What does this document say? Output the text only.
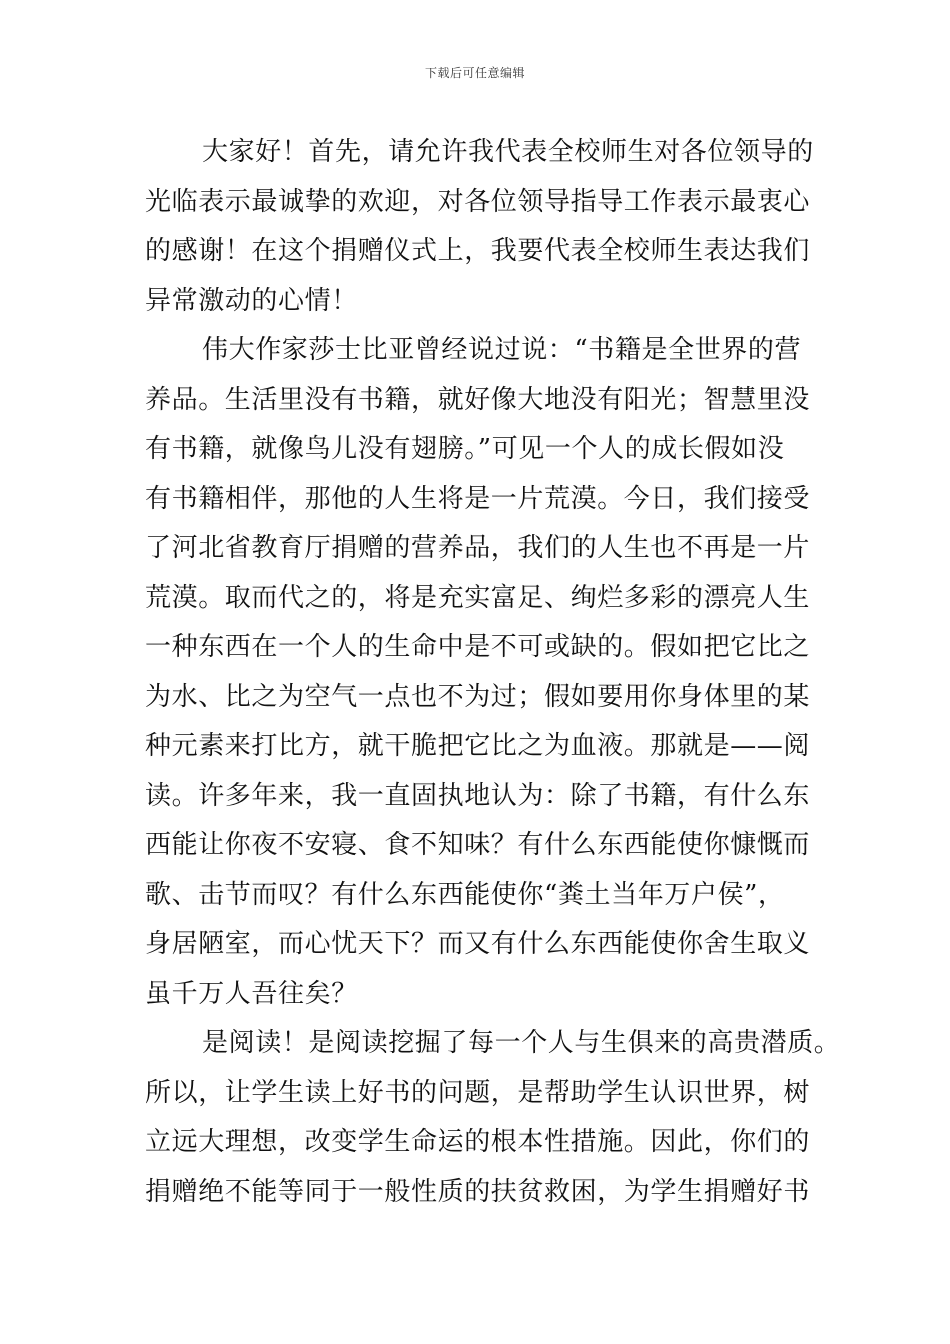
下载后可任意编辑
大家好！首先，请允许我代表全校师生对各位领导的
光临表示最诚挚的欢迎，对各位领导指导工作表示最衷心
的感谢！在这个捐赠仪式上，我要代表全校师生表达我们
异常激动的心情！
伟大作家莎士比亚曾经说过说：“书籍是全世界的营
养品。生活里没有书籍，就好像大地没有阳光；智慧里没
有书籍，就像鸟儿没有翅膀。”可见一个人的成长假如没
有书籍相伴，那他的人生将是一片荒漠。今日，我们接受
了河北省教育厅捐赠的营养品，我们的人生也不再是一片
荒漠。取而代之的，将是充实富足、绚烂多彩的漂亮人生
一种东西在一个人的生命中是不可或缺的。假如把它比之
为水、比之为空气一点也不为过；假如要用你身体里的某
种元素来打比方，就干脆把它比之为血液。那就是——阅
读。许多年来，我一直固执地认为：除了书籍，有什么东
西能让你夜不安寝、食不知味？有什么东西能使你慷慨而
歌、击节而叹？有什么东西能使你“粪土当年万户侯”，
身居陋室，而心忧天下？而又有什么东西能使你舍生取义
虽千万人吾往矣？
是阅读！是阅读挖掘了每一个人与生俱来的高贵潜质。
所以，让学生读上好书的问题，是帮助学生认识世界，树
立远大理想，改变学生命运的根本性措施。因此，你们的
捐赠绝不能等同于一般性质的扶贫救困，为学生捐赠好书
